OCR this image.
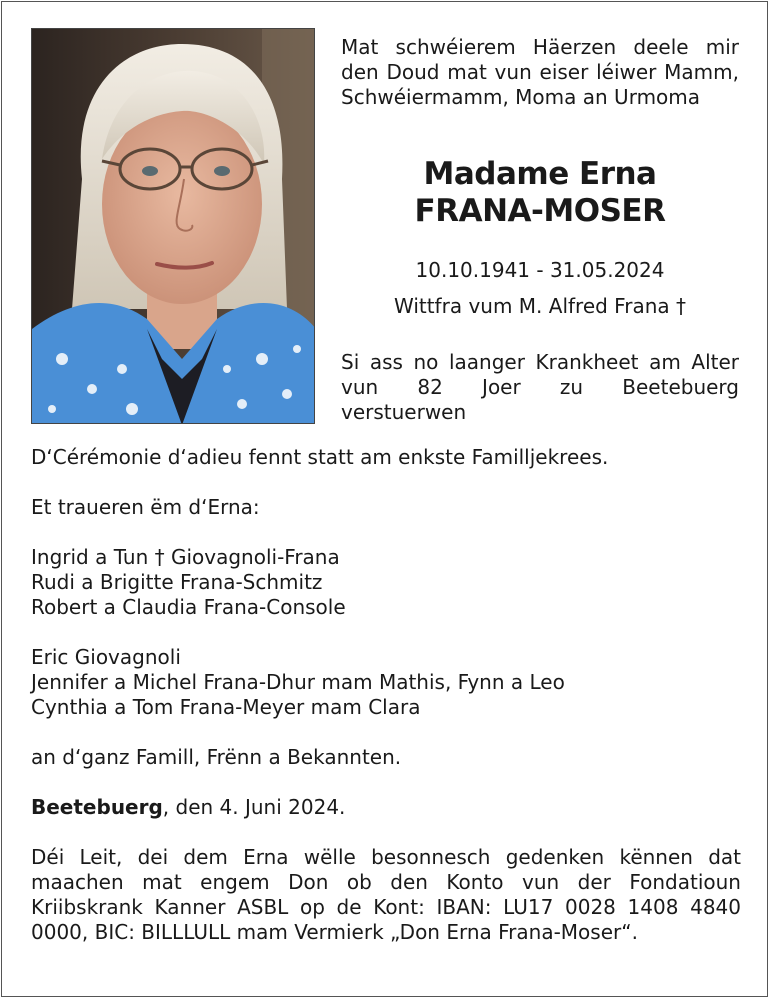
Mat schwéierem Häerzen deele mir den Doud mat vun eiser léiwer Mamm, Schwéiermamm, Moma an Urmoma
Madame Erna
FRANA-MOSER
10.10.1941 - 31.05.2024
Wittfra vum M. Alfred Frana †
Si ass no laanger Krankheet am Alter vun 82 Joer zu Beetebuerg verstuerwen

D‘Cérémonie d‘adieu fennt statt am enkste Familljekrees.

Et traueren ëm d‘Erna:

Ingrid a Tun † Giovagnoli-Frana
Rudi a Brigitte Frana-Schmitz
Robert a Claudia Frana-Console
Eric Giovagnoli
Jennifer a Michel Frana-Dhur mam Mathis, Fynn a Leo
Cynthia a Tom Frana-Meyer mam Clara

an d‘ganz Famill, Frënn a Bekannten.

Beetebuerg, den 4. Juni 2024.

Déi Leit, dei dem Erna wëlle besonnesch gedenken kënnen dat maachen mat engem Don ob den Konto vun der Fondatioun Kriibskrank Kanner ASBL op de Kont: IBAN: LU17 0028 1408 4840 0000, BIC: BILLLULL mam Vermierk „Don Erna Frana-Moser“.
